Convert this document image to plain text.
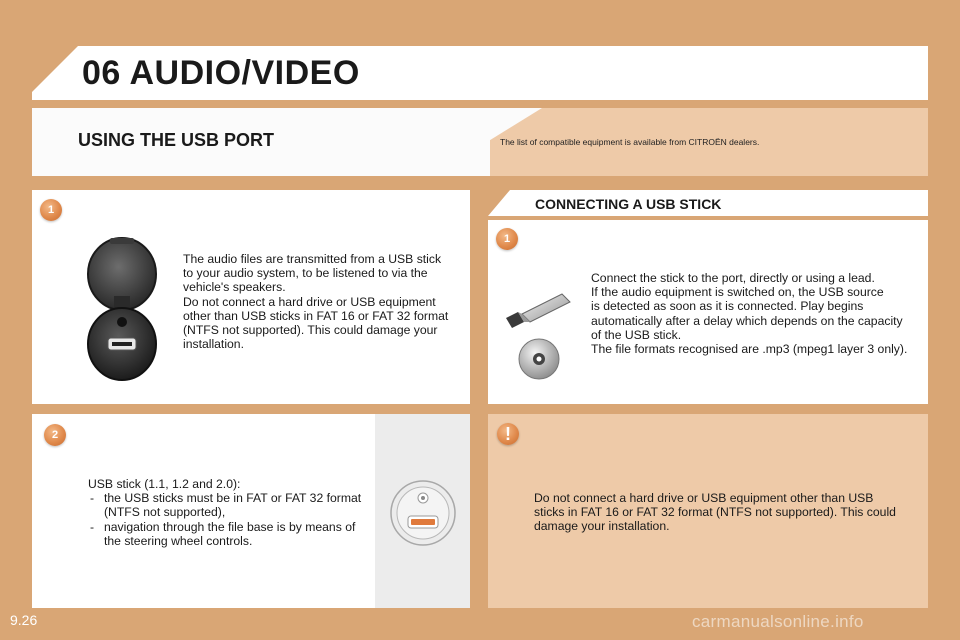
06 AUDIO/VIDEO
USING THE USB PORT	The list of compatible equipment is available from CITROËN dealers.
1
The audio files are transmitted from a USB stick
to your audio system, to be listened to via the
vehicle's speakers.
Do not connect a hard drive or USB equipment
other than USB sticks in FAT 16 or FAT 32 format
(NTFS not supported). This could damage your
installation.
CONNECTING A USB STICK
1
Connect the stick to the port, directly or using a lead.
If the audio equipment is switched on, the USB source
is detected as soon as it is connected. Play begins
automatically after a delay which depends on the capacity
of the USB stick.
The file formats recognised are .mp3 (mpeg1 layer 3 only).
2
USB stick (1.1, 1.2 and 2.0):
- the USB sticks must be in FAT or FAT 32 format (NTFS not supported),
- navigation through the file base is by means of the steering wheel controls.
!
Do not connect a hard drive or USB equipment other than USB
sticks in FAT 16 or FAT 32 format (NTFS not supported). This could
damage your installation.
9.26	carmanualsonline.info
